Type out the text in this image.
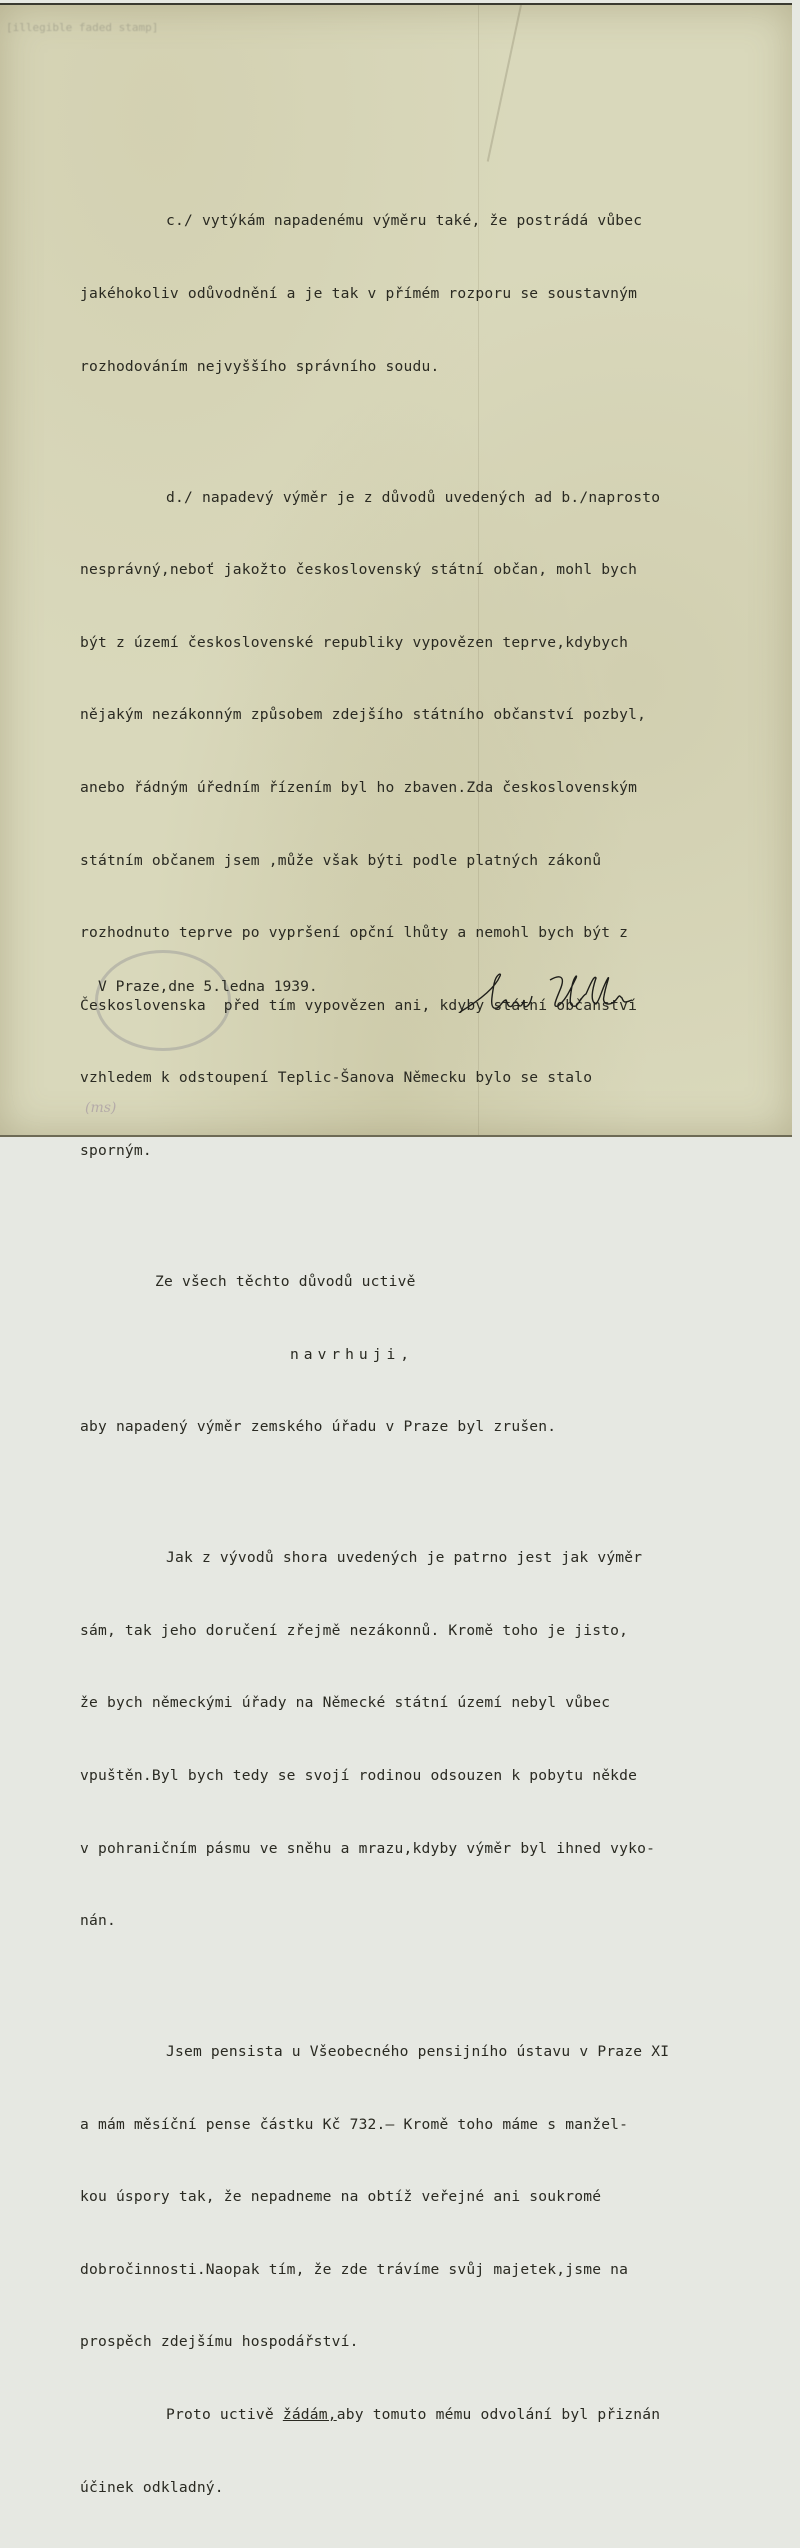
[illegible faded stamp]
(ms)

c./ vytýkám napadenému výměru také, že postrádá vůbec

jakéhokoliv odůvodnění a je tak v přímém rozporu se soustavným

rozhodováním nejvyššího správního soudu.

d./ napadevý výměr je z důvodů uvedených ad b./naprosto

nesprávný,neboť jakožto československý státní občan, mohl bych

být z území československé republiky vypovězen teprve,kdybych

nějakým nezákonným způsobem zdejšího státního občanství pozbyl,

anebo řádným úředním řízením byl ho zbaven.Zda československým

státním občanem jsem ,může však býti podle platných zákonů

rozhodnuto teprve po vypršení opční lhůty a nemohl bych být z

Československa  před tím vypovězen ani, kdyby státní občanství

vzhledem k odstoupení Teplic-Šanova Německu bylo se stalo

sporným.

Ze všech těchto důvodů uctivě

navrhuji,

aby napadený výměr zemského úřadu v Praze byl zrušen.

Jak z vývodů shora uvedených je patrno jest jak výměr

sám, tak jeho doručení zřejmě nezákonnů. Kromě toho je jisto,

že bych německými úřady na Německé státní území nebyl vůbec

vpuštěn.Byl bych tedy se svojí rodinou odsouzen k pobytu někde

v pohraničním pásmu ve sněhu a mrazu,kdyby výměr byl ihned vyko-

nán.

Jsem pensista u Všeobecného pensijního ústavu v Praze XI

a mám měsíční pense částku Kč 732.— Kromě toho máme s manžel-

kou úspory tak, že nepadneme na obtíž veřejné ani soukromé

dobročinnosti.Naopak tím, že zde trávíme svůj majetek,jsme na

prospěch zdejšímu hospodářství.

Proto uctivě žádám,aby tomuto mému odvolání byl přiznán

účinek odkladný.

V Praze,dne 5.ledna 1939.
